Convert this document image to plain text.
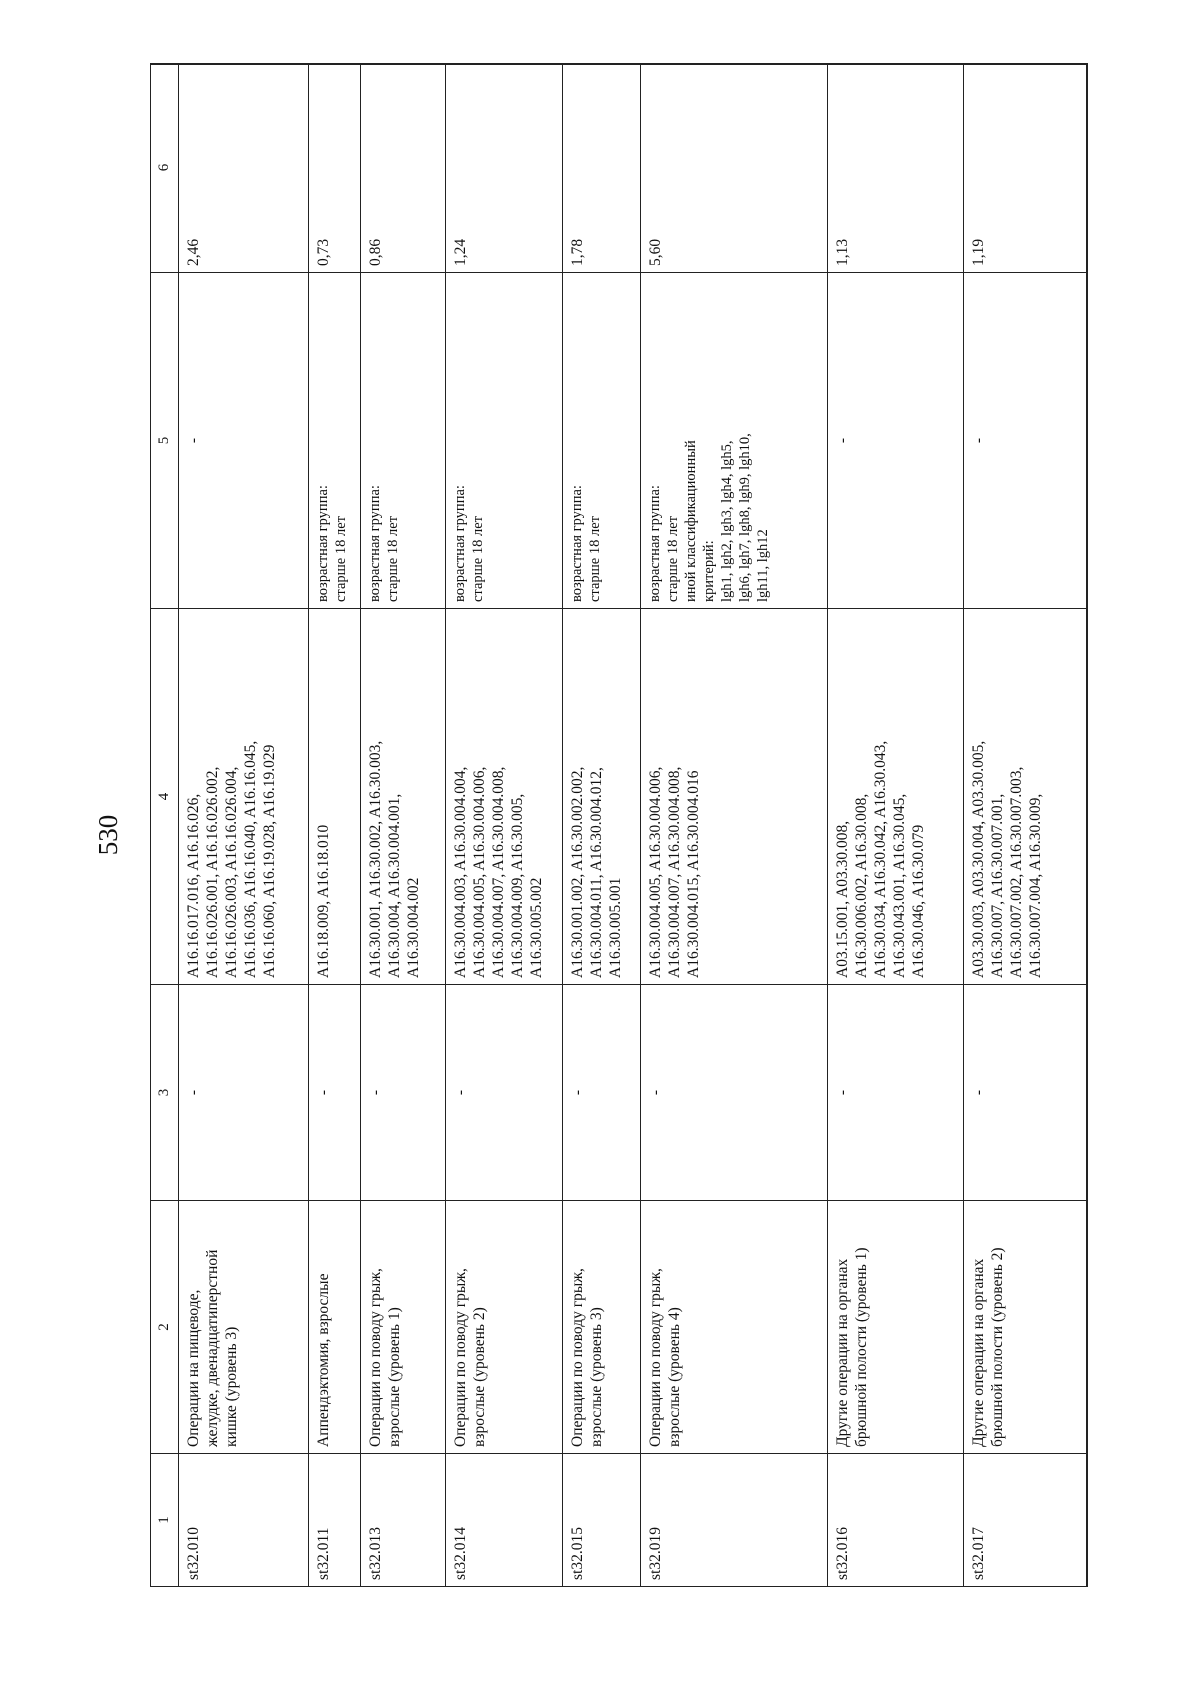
530
1
2
3
4
5
6
st32.010
Операции на пищеводе,
желудке, двенадцатиперстной
кишке (уровень 3)
-
A16.16.017.016, A16.16.026,
A16.16.026.001, A16.16.026.002,
A16.16.026.003, A16.16.026.004,
A16.16.036, A16.16.040, A16.16.045,
A16.16.060, A16.19.028, A16.19.029
-
2,46
st32.011
Аппендэктомия, взрослые
-
A16.18.009, A16.18.010
возрастная группа:
старше 18 лет
0,73
st32.013
Операции по поводу грыж,
взрослые (уровень 1)
-
A16.30.001, A16.30.002, A16.30.003,
A16.30.004, A16.30.004.001,
A16.30.004.002
возрастная группа:
старше 18 лет
0,86
st32.014
Операции по поводу грыж,
взрослые (уровень 2)
-
A16.30.004.003, A16.30.004.004,
A16.30.004.005, A16.30.004.006,
A16.30.004.007, A16.30.004.008,
A16.30.004.009, A16.30.005,
A16.30.005.002
возрастная группа:
старше 18 лет
1,24
st32.015
Операции по поводу грыж,
взрослые (уровень 3)
-
A16.30.001.002, A16.30.002.002,
A16.30.004.011, A16.30.004.012,
A16.30.005.001
возрастная группа:
старше 18 лет
1,78
st32.019
Операции по поводу грыж,
взрослые (уровень 4)
-
A16.30.004.005, A16.30.004.006,
A16.30.004.007, A16.30.004.008,
A16.30.004.015, A16.30.004.016
возрастная группа:
старше 18 лет
иной классификационный
критерий:
lgh1, lgh2, lgh3, lgh4, lgh5,
lgh6, lgh7, lgh8, lgh9, lgh10,
lgh11, lgh12
5,60
st32.016
Другие операции на органах
брюшной полости (уровень 1)
-
A03.15.001, A03.30.008,
A16.30.006.002, A16.30.008,
A16.30.034, A16.30.042, A16.30.043,
A16.30.043.001, A16.30.045,
A16.30.046, A16.30.079
-
1,13
st32.017
Другие операции на органах
брюшной полости (уровень 2)
-
A03.30.003, A03.30.004, A03.30.005,
A16.30.007, A16.30.007.001,
A16.30.007.002, A16.30.007.003,
A16.30.007.004, A16.30.009,
-
1,19
